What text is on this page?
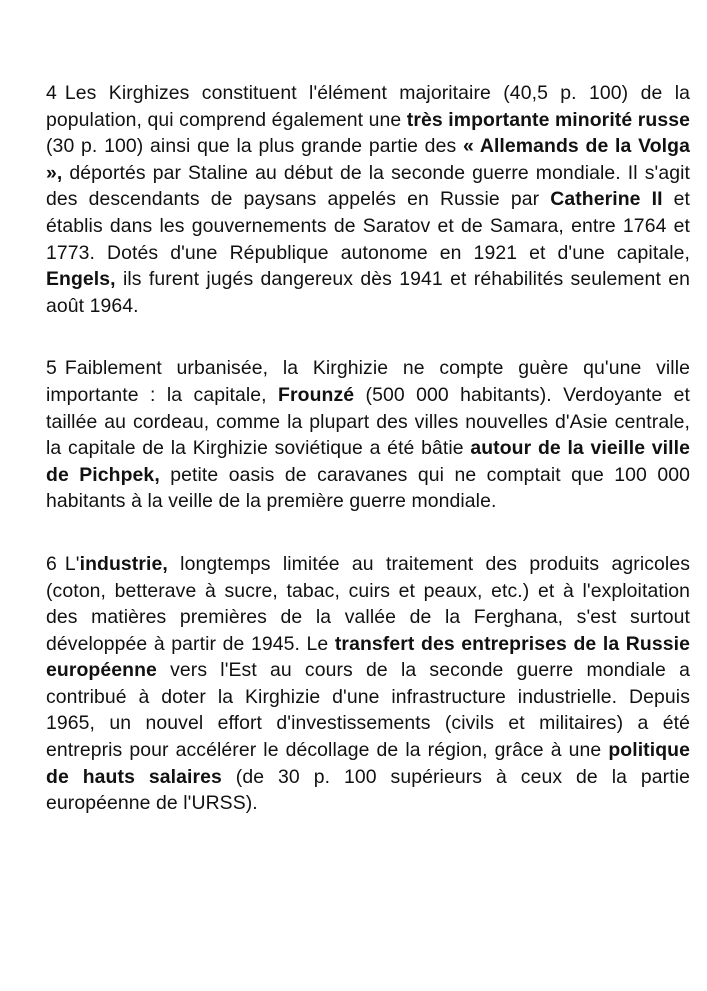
4 Les Kirghizes constituent l'élément majoritaire (40,5 p. 100) de la population, qui comprend également une très importante minorité russe (30 p. 100) ainsi que la plus grande partie des « Allemands de la Volga », déportés par Staline au début de la seconde guerre mondiale. Il s'agit des descendants de paysans appelés en Russie par Catherine II et établis dans les gouvernements de Saratov et de Samara, entre 1764 et 1773. Dotés d'une République autonome en 1921 et d'une capitale, Engels, ils furent jugés dangereux dès 1941 et réhabilités seulement en août 1964.

5 Faiblement urbanisée, la Kirghizie ne compte guère qu'une ville importante : la capitale, Frounzé (500 000 habitants). Verdoyante et taillée au cordeau, comme la plupart des villes nouvelles d'Asie centrale, la capitale de la Kirghizie soviétique a été bâtie autour de la vieille ville de Pichpek, petite oasis de caravanes qui ne comptait que 100 000 habitants à la veille de la première guerre mondiale.

6 L'industrie, longtemps limitée au traitement des produits agricoles (coton, betterave à sucre, tabac, cuirs et peaux, etc.) et à l'exploitation des matières premières de la vallée de la Ferghana, s'est surtout développée à partir de 1945. Le transfert des entreprises de la Russie européenne vers l'Est au cours de la seconde guerre mondiale a contribué à doter la Kirghizie d'une infrastructure industrielle. Depuis 1965, un nouvel effort d'investissements (civils et militaires) a été entrepris pour accélérer le décollage de la région, grâce à une politique de hauts salaires (de 30 p. 100 supérieurs à ceux de la partie européenne de l'URSS).
